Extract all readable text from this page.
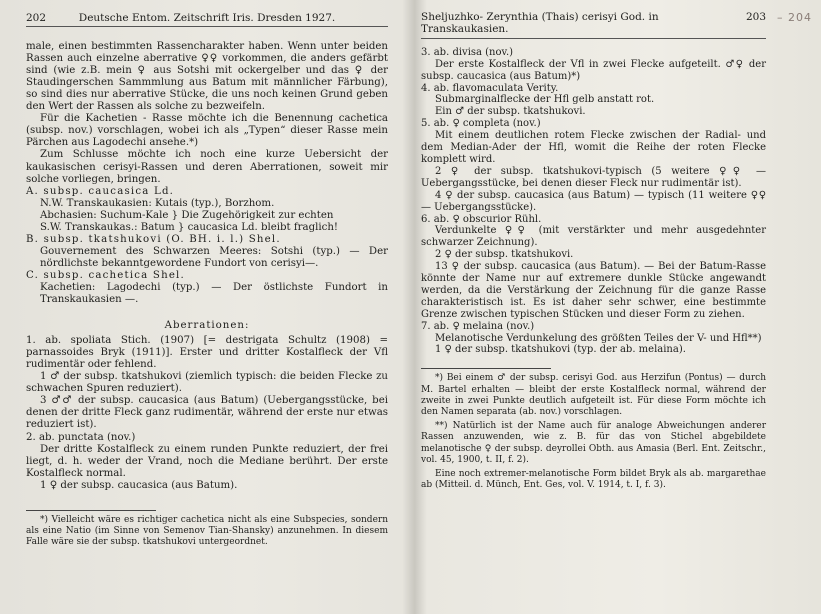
202	Deutsche Entom. Zeitschrift Iris. Dresden 1927.

male, einen bestimmten Rassencharakter haben. Wenn unter beiden Rassen auch einzelne aberrative ♀♀ vorkommen, die anders gefärbt sind (wie z.B. mein ♀ aus Sotshi mit ockergelber und das ♀ der Staudingerschen Sammmlung aus Batum mit männlicher Färbung), so sind dies nur aberrative Stücke, die uns noch keinen Grund geben den Wert der Rassen als solche zu bezweifeln.

Für die Kachetien - Rasse möchte ich die Benennung cachetica (subsp. nov.) vorschlagen, wobei ich als „Typen“ dieser Rasse mein Pärchen aus Lagodechi ansehe.*)

Zum Schlusse möchte ich noch eine kurze Uebersicht der kaukasischen cerisyi-Rassen und deren Aberrationen, soweit mir solche vorliegen, bringen.

A. subsp. caucasica Ld.

N.W. Transkaukasien: Kutais (typ.), Borzhom.

Abchasien: Suchum-Kale } Die Zugehörigkeit zur echten

S.W. Transkaukas.: Batum } caucasica Ld. bleibt fraglich!

B. subsp. tkatshukovi (O. BH. i. l.) Shel.

Gouvernement des Schwarzen Meeres: Sotshi (typ.) — Der nördlichste bekanntgewordene Fundort von cerisyi—.

C. subsp. cachetica Shel.

Kachetien: Lagodechi (typ.) — Der östlichste Fundort in Transkaukasien —.

Aberrationen:

1. ab. spoliata Stich. (1907) [= destrigata Schultz (1908) = parnassoides Bryk (1911)]. Erster und dritter Kostalfleck der Vfl rudimentär oder fehlend.

1 ♂ der subsp. tkatshukovi (ziemlich typisch: die beiden Flecke zu schwachen Spuren reduziert).

3 ♂♂ der subsp. caucasica (aus Batum) (Uebergangsstücke, bei denen der dritte Fleck ganz rudimentär, während der erste nur etwas reduziert ist).

2. ab. punctata (nov.)

Der dritte Kostalfleck zu einem runden Punkte reduziert, der frei liegt, d. h. weder der Vrand, noch die Mediane berührt. Der erste Kostalfleck normal.

1 ♀ der subsp. caucasica (aus Batum).

*) Vielleicht wäre es richtiger cachetica nicht als eine Subspecies, sondern als eine Natio (im Sinne von Semenov Tian-Shansky) anzunehmen. In diesem Falle wäre sie der subsp. tkatshukovi untergeordnet.

Sheljuzhko- Zerynthia (Thais) cerisyi God. in Transkaukasien.
203

3. ab. divisa (nov.)

Der erste Kostalfleck der Vfl in zwei Flecke aufgeteilt. ♂♀ der subsp. caucasica (aus Batum)*)

4. ab. flavomaculata Verity.

Submarginalflecke der Hfl gelb anstatt rot.

Ein ♂ der subsp. tkatshukovi.

5. ab. ♀ completa (nov.)

Mit einem deutlichen rotem Flecke zwischen der Radial- und dem Median-Ader der Hfl, womit die Reihe der roten Flecke komplett wird.

2 ♀ der subsp. tkatshukovi-typisch (5 weitere ♀♀ — Uebergangsstücke, bei denen dieser Fleck nur rudimentär ist).

4 ♀ der subsp. caucasica (aus Batum) — typisch (11 weitere ♀♀ — Uebergangsstücke).

6. ab. ♀ obscurior Rühl.

Verdunkelte ♀♀ (mit verstärkter und mehr ausgedehnter schwarzer Zeichnung).

2 ♀ der subsp. tkatshukovi.

13 ♀ der subsp. caucasica (aus Batum). — Bei der Batum-Rasse könnte der Name nur auf extremere dunkle Stücke angewandt werden, da die Verstärkung der Zeichnung für die ganze Rasse charakteristisch ist. Es ist daher sehr schwer, eine bestimmte Grenze zwischen typischen Stücken und dieser Form zu ziehen.

7. ab. ♀ melaina (nov.)

Melanotische Verdunkelung des größten Teiles der V- und Hfl**)

1 ♀ der subsp. tkatshukovi (typ. der ab. melaina).

*) Bei einem ♂ der subsp. cerisyi God. aus Herzifun (Pontus) — durch M. Bartel erhalten — bleibt der erste Kostalfleck normal, während der zweite in zwei Punkte deutlich aufgeteilt ist. Für diese Form möchte ich den Namen separata (ab. nov.) vorschlagen.

**) Natürlich ist der Name auch für analoge Abweichungen anderer Rassen anzuwenden, wie z. B. für das von Stichel abgebildete melanotische ♀ der subsp. deyrollei Obth. aus Amasia (Berl. Ent. Zeitschr., vol. 45, 1900, t. II, f. 2).

Eine noch extremer-melanotische Form bildet Bryk als ab. margarethae ab (Mitteil. d. Münch, Ent. Ges, vol. V. 1914, t. I, f. 3).

– 204
